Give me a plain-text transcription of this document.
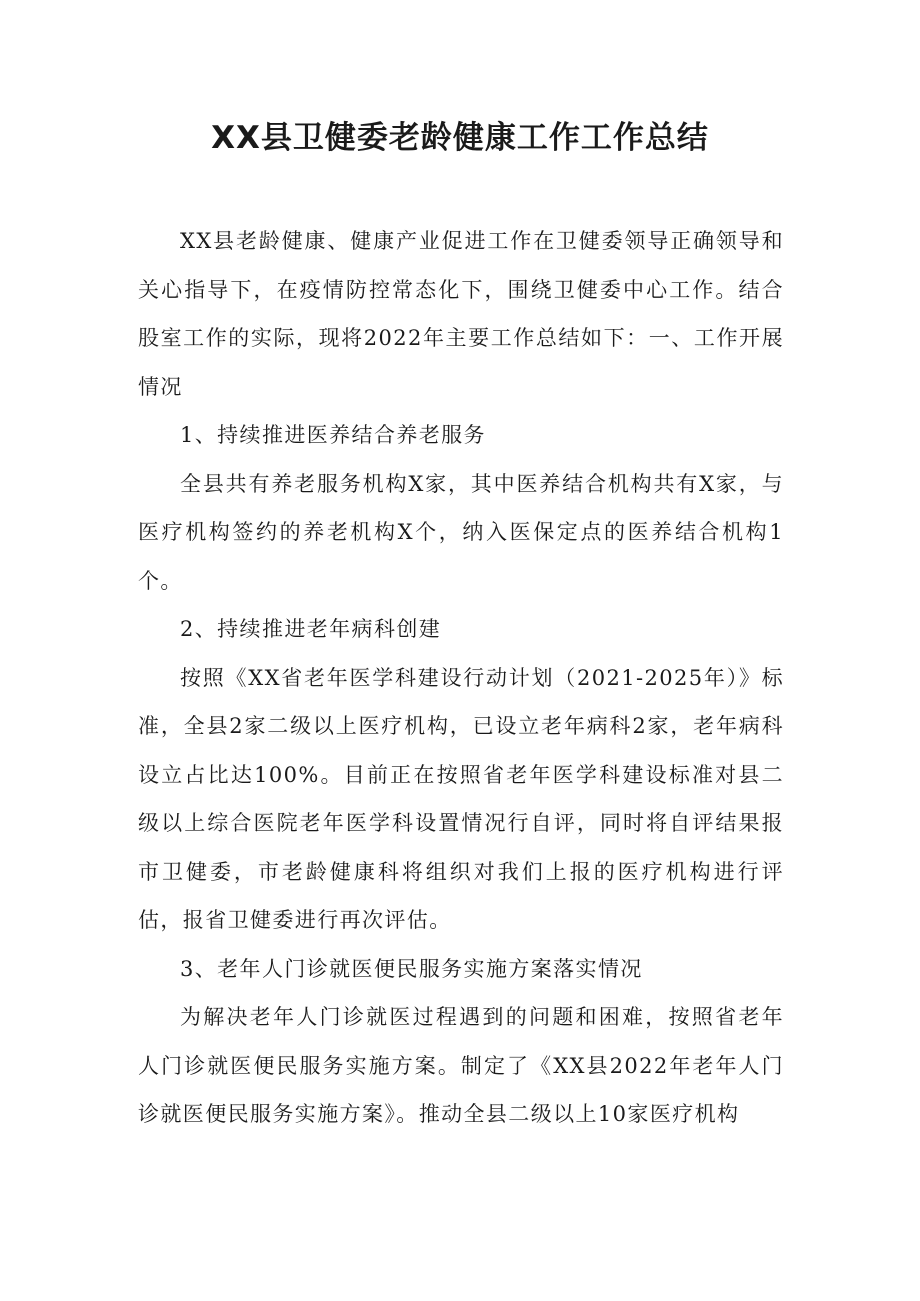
XX县卫健委老龄健康工作工作总结

XX县老龄健康、健康产业促进工作在卫健委领导正确领导和关心指导下，在疫情防控常态化下，围绕卫健委中心工作。结合股室工作的实际，现将2022年主要工作总结如下：一、工作开展情况

1、持续推进医养结合养老服务

全县共有养老服务机构X家，其中医养结合机构共有X家，与医疗机构签约的养老机构X个，纳入医保定点的医养结合机构1个。

2、持续推进老年病科创建

按照《XX省老年医学科建设行动计划（2021-2025年）》标准，全县2家二级以上医疗机构，已设立老年病科2家，老年病科设立占比达100%。目前正在按照省老年医学科建设标准对县二级以上综合医院老年医学科设置情况行自评，同时将自评结果报市卫健委，市老龄健康科将组织对我们上报的医疗机构进行评估，报省卫健委进行再次评估。

3、老年人门诊就医便民服务实施方案落实情况

为解决老年人门诊就医过程遇到的问题和困难，按照省老年人门诊就医便民服务实施方案。制定了《XX县2022年老年人门诊就医便民服务实施方案》。推动全县二级以上10家医疗机构
